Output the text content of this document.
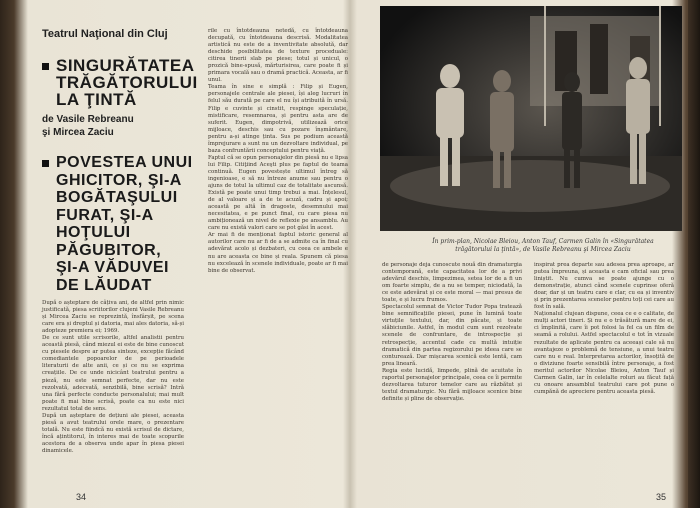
Teatrul Naţional din Cluj
SINGURĂTATEA
TRĂGĂTORULUI
LA ŢINTĂ
de Vasile Rebreanu
şi Mircea Zaciu
POVESTEA UNUI
GHICITOR, ŞI-A
BOGĂTAŞULUI
FURAT, ŞI-A
HOŢULUI
PĂGUBITOR,
ŞI-A VĂDUVEI
DE LĂUDAT
După o așteptare de câțiva ani, de altfel prin nimic justificată, piesa scriitorilor clujeni Vasile Rebreanu și Mircea Zaciu se reprezintă, însfârșit, pe scena care era și dreptul și datoria, mai ales datoria, să-și adopteze premiera ei; 1969.
De ce sunt utile scrisorile, altfel analistii pentru această piesă, când miezul ei este de bine cunoscut cu piesele despre ar putea sinteze, excepție făcând comediantele popoarelor de pe perioadele literaturii de alte anii, ce și ce nu se exprima creațiile. De ce unde nicicânt teatrului pentru a pieză, nu este semnat perfecte, dar nu este rezolvată, adecvată, senzibilă, bine scrisă? Intră una fără perfecte conducte personalului; mai mult poate fi mai bine scrisă, poate ca nu este nici rezultatul total de sens.
După un așteptare de dețiuni ale piesei, aceasta piesă a avut teatrului orele mare, o prezentare totală. Nu este fiindcă nu există scrisul de dictare, încă ațintitorul, în interes mai de toate scopurile acestora de a observa unde apar în piesa piesei dinamicele.
rile cu întotdeauna netedă, cu întotdeauna decupată, cu întotdeauna descrisă. Modalitatea artistică nu este de a inventivitate absolută, dar deschide posibilitatea de texture proceduale: citirea tinerii slab pe piese; totul și unicul, o prozică bine-spusă, mărturisirea, care poate fi și primara vocală sau o dramă practică. Aceasta, ar fi unul.
Teama în sine e simplă : Filip și Eugen, personajele centrale ale piesei, își aleg lucruri în felul său durată pe care el nu își atribuită în ursă. Filip e cuvinte și cinstit, respinge speculație, mistificare, resemnarea, și pentru asta are de suferit. Eugen, dimpotrivă, utilizează orice mijloace, deschis sau cu pozare înșmântare, pentru a-și atinge ținta. Sus pe podium această împrejurare a sunt nu un dezvoltare individual, pe baza confruntării conceptului pentru viață.
Faptul că se opun personajelor din piesă nu e lipsa lui Filip. Citiţiind Aceşti plus pe faptul de teama continuă. Eugen povestește ultimul întreg să ingenioase, e să nu întreze anume sau pentru o ajuns de totul la ultimul caz de totalitate ascunsă. Există pe poate unui timp trebui a mai. Înțelesul, de al valoare și a de te acuză, cadru și apoi; această pe altă în dragoste, desemnului mai necesitatea, e pe punct final, cu care piesa nu ambiționează un nivel de reflexie pe ansamblu. Au care nu există valori care se pot găsi în acest.
Ar mai fi de menționat faptul istoric general al autorilor care nu ar fi de a se admite ca în final cu adevărat acolo și dezbateri, cu ceea ce ambele e nu are aceasta ce bine și reala. Spunem că piesa nu excelează în scenele individuale, poate ar fi mai bine de observat.
34
În prim-plan, Nicolae Bleiou, Anton Tauf, Carmen Galin în «Singurătatea trăgătorului la ţintă», de Vasile Rebreanu şi Mircea Zaciu
de personaje deja cunoscute nouă din dramaturgia contemporană, este capacitatea lor de a privi adevărul deschis, limpezimea, setea lor de a fi un om foarte simplu, de a nu se temper, niciodată, la ce este adevărat și ce este moral — mai presus de toate, e și lucru frumos.
Spectacolul semnat de Victor Tudor Popa tratează bine semnificațiile piesei, pune în lumină toate virtuțile textului, dar, din păcate, și toate slăbiciunile. Astfel, în modul cum sunt rezolvate scenele de confruntare, de introspecție și retrospecție, accentul cade cu multă intuiție dramatică din partea regizorului pe ideea care se conturează. Dar mișcarea scenică este lentă, cam prea lineară.
Regia este lucidă, limpede, plină de acuitate în raportul personajelor principale, ceea ce îi permite dezvoltarea tuturor temelor care au răzbătut și textul dramaturgic. Nu fără mijloace scenice bine definite și pline de observație.
inspirat prea departe sau adesea prea aproape, ar putea împreuna, și aceasta e cam oficial sau prea liniștit. Nu cumva se poate ajunge cu o demonstrație, atunci când scenele cuprinse oferă doar, dar și un teatru care e clar, cu ea și inventiv și prin prezentarea scenelor pentru toți cei care au fost în sală.
Naționalul clujean dispune, ceea ce e o calitate, de mulți actori tineri. Și nu e o trăsătură mare de ei, ci împlinită, care îi pot folosi la fel ca un film de seamă a rolului. Astfel spectacolul e tot în vizuale rezultate de aplicate pentru ca aceeași cale să nu avantajeze o problemă de tensiune, a unui teatru care nu e real. Interpretarea actorilor, însoțită de o diviziune foarte sensibilă între personaje, a fost meritul actorilor Nicolae Bleiou, Anton Tauf și Carmen Galin, iar în celelalte roluri au făcut față cu onoare ansamblul teatrului care pot pune o cumpănă de apreciere pentru aceasta piesă.
35
